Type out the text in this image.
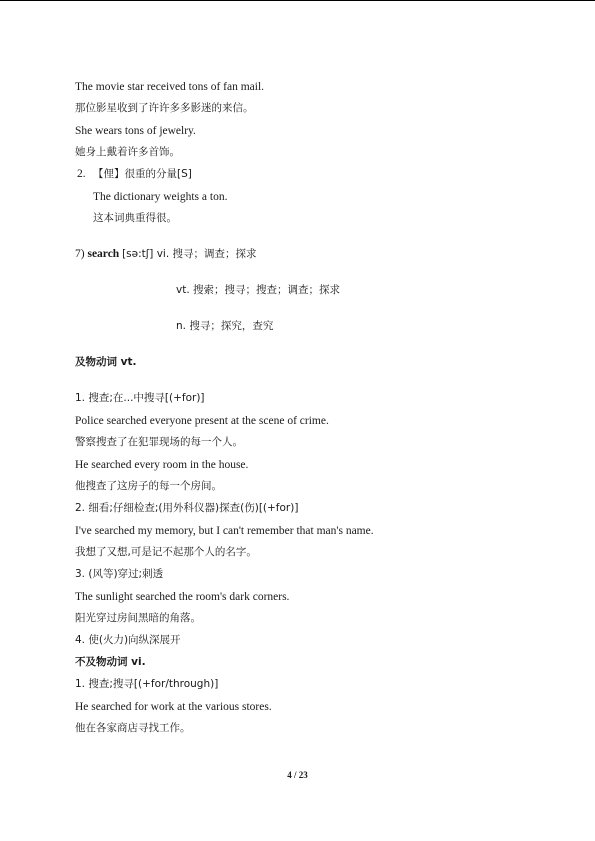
The movie star received tons of fan mail.
那位影星收到了许许多多影迷的来信。
She wears tons of jewelry.
她身上戴着许多首饰。
2. 【俚】很重的分量[S]
The dictionary weights a ton.
这本词典重得很。
7) search [sə:tʃ] vi. 搜寻；调查；探求
vt. 搜索；搜寻；搜查；调查；探求
n. 搜寻；探究，查究
及物动词 vt.
1. 搜查;在...中搜寻[(+for)]
Police searched everyone present at the scene of crime.
警察搜查了在犯罪现场的每一个人。
He searched every room in the house.
他搜查了这房子的每一个房间。
2. 细看;仔细检查;(用外科仪器)探查(伤)[(+for)]
I've searched my memory, but I can't remember that man's name.
我想了又想,可是记不起那个人的名字。
3. (风等)穿过;刺透
The sunlight searched the room's dark corners.
阳光穿过房间黑暗的角落。
4. 使(火力)向纵深展开
不及物动词 vi.
1. 搜查;搜寻[(+for/through)]
He searched for work at the various stores.
他在各家商店寻找工作。
4 / 23
